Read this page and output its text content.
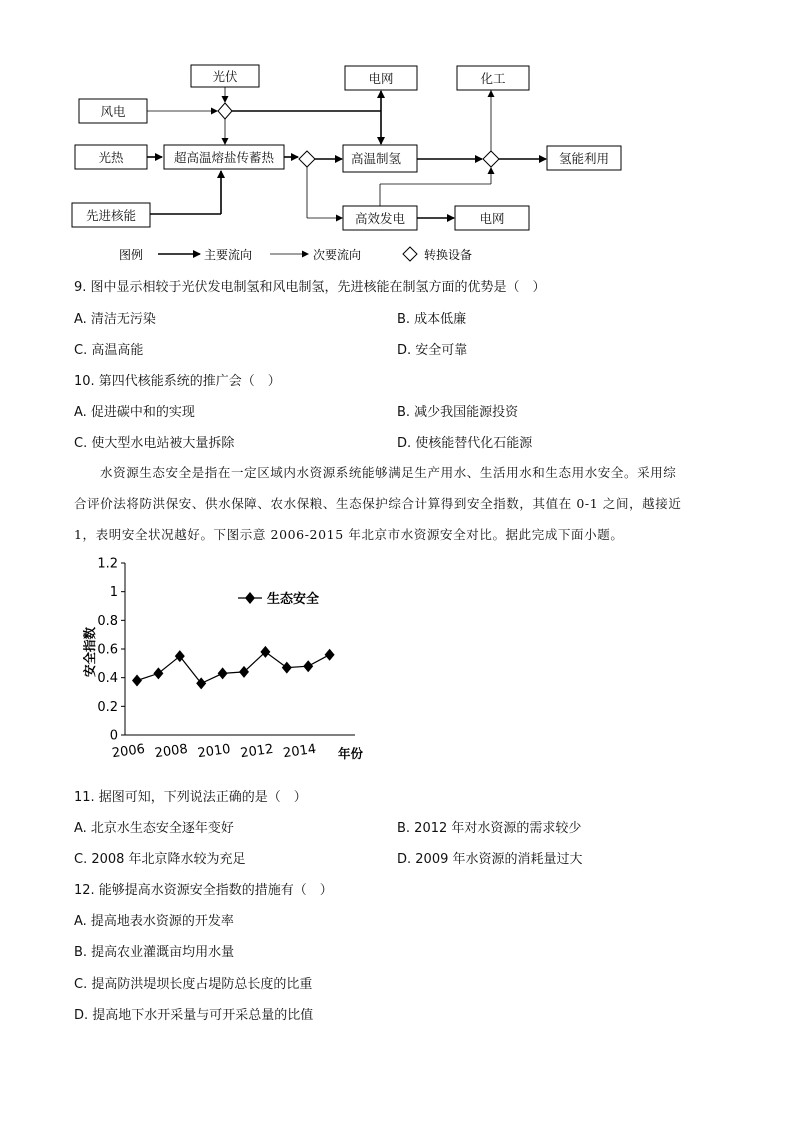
光伏
风电
光热	超高温熔盐传蓄热
先进核能
电网
高温制氢
高效发电	电网
化工
氢能利用
图例	主要流向	次要流向	转换设备
9. 图中显示相较于光伏发电制氢和风电制氢，先进核能在制氢方面的优势是（　）
A. 清洁无污染	B. 成本低廉
C. 高温高能	D. 安全可靠
10. 第四代核能系统的推广会（　）
A. 促进碳中和的实现	B. 减少我国能源投资
C. 使大型水电站被大量拆除	D. 使核能替代化石能源
水资源生态安全是指在一定区域内水资源系统能够满足生产用水、生活用水和生态用水安全。采用综
合评价法将防洪保安、供水保障、农水保粮、生态保护综合计算得到安全指数，其值在 0-1 之间，越接近
1，表明安全状况越好。下图示意 2006-2015 年北京市水资源安全对比。据此完成下面小题。
0
0.2
0.4
0.6
0.8
1
1.2
2006 2008 2010 2012 2014
生态安全
安全指数
年份
11. 据图可知，下列说法正确的是（　）
A. 北京水生态安全逐年变好	B. 2012 年对水资源的需求较少
C. 2008 年北京降水较为充足	D. 2009 年水资源的消耗量过大
12. 能够提高水资源安全指数的措施有（　）
A. 提高地表水资源的开发率
B. 提高农业灌溉亩均用水量
C. 提高防洪堤坝长度占堤防总长度的比重
D. 提高地下水开采量与可开采总量的比值
